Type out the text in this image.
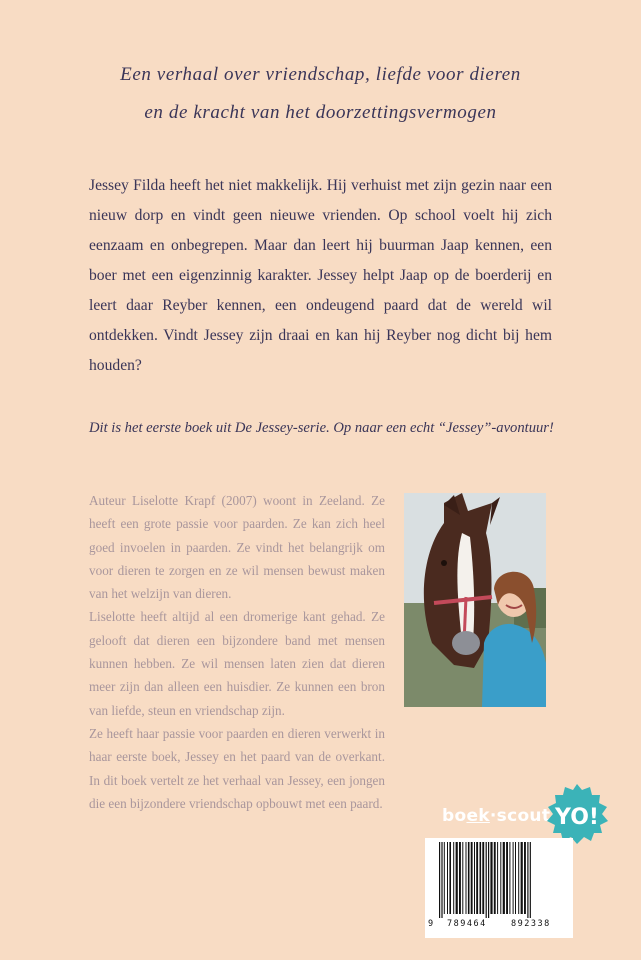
Een verhaal over vriendschap, liefde voor dieren
en de kracht van het doorzettingsvermogen
Jessey Filda heeft het niet makkelijk. Hij verhuist met zijn gezin naar een nieuw dorp en vindt geen nieuwe vrienden. Op school voelt hij zich eenzaam en onbegrepen. Maar dan leert hij buurman Jaap kennen, een boer met een eigenzinnig karakter. Jessey helpt Jaap op de boerderij en leert daar Reyber kennen, een ondeugend paard dat de wereld wil ontdekken. Vindt Jessey zijn draai en kan hij Reyber nog dicht bij hem houden?
Dit is het eerste boek uit De Jessey-serie. Op naar een echt “Jessey”-avontuur!

Auteur Liselotte Krapf (2007) woont in Zeeland. Ze heeft een grote passie voor paarden. Ze kan zich heel goed invoelen in paarden. Ze vindt het belangrijk om voor dieren te zorgen en ze wil mensen bewust maken van het welzijn van dieren.

Liselotte heeft altijd al een dromerige kant gehad. Ze gelooft dat dieren een bijzondere band met mensen kunnen hebben. Ze wil mensen laten zien dat dieren meer zijn dan alleen een huisdier. Ze kunnen een bron van liefde, steun en vriendschap zijn.

Ze heeft haar passie voor paarden en dieren verwerkt in haar eerste boek, Jessey en het paard van de overkant. In dit boek vertelt ze het verhaal van Jessey, een jongen die een bijzondere vriendschap opbouwt met een paard.

boek·scout YO!
9 789464	892338
